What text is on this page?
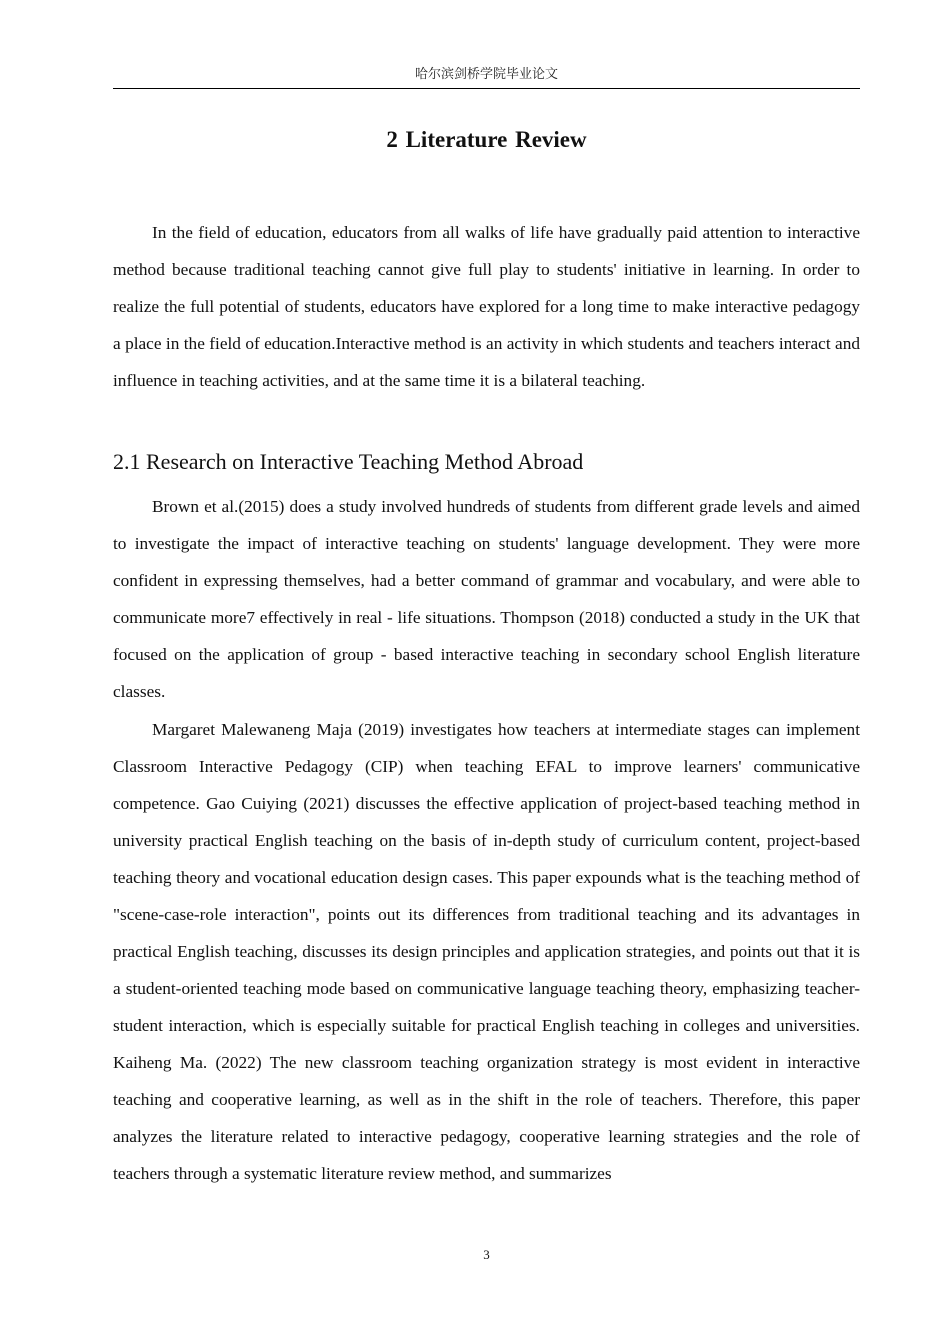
哈尔滨剑桥学院毕业论文
2 Literature Review

In the field of education, educators from all walks of life have gradually paid attention to interactive method because traditional teaching cannot give full play to students' initiative in learning. In order to realize the full potential of students, educators have explored for a long time to make interactive pedagogy a place in the field of education.Interactive method is an activity in which students and teachers interact and influence in teaching activities, and at the same time it is a bilateral teaching.

2.1 Research on Interactive Teaching Method Abroad

Brown et al.(2015) does a study involved hundreds of students from different grade levels and aimed to investigate the impact of interactive teaching on students' language development. They were more confident in expressing themselves, had a better command of grammar and vocabulary, and were able to communicate more7 effectively in real - life situations. Thompson (2018) conducted a study in the UK that focused on the application of group - based interactive teaching in secondary school English literature classes.

Margaret Malewaneng Maja (2019) investigates how teachers at intermediate stages can implement Classroom Interactive Pedagogy (CIP) when teaching EFAL to improve learners' communicative competence. Gao Cuiying (2021) discusses the effective application of project-based teaching method in university practical English teaching on the basis of in-depth study of curriculum content, project-based teaching theory and vocational education design cases. This paper expounds what is the teaching method of "scene-case-role interaction", points out its differences from traditional teaching and its advantages in practical English teaching, discusses its design principles and application strategies, and points out that it is a student-oriented teaching mode based on communicative language teaching theory, emphasizing teacher-student interaction, which is especially suitable for practical English teaching in colleges and universities. Kaiheng Ma. (2022) The new classroom teaching organization strategy is most evident in interactive teaching and cooperative learning, as well as in the shift in the role of teachers. Therefore, this paper analyzes the literature related to interactive pedagogy, cooperative learning strategies and the role of teachers through a systematic literature review method, and summarizes

3
